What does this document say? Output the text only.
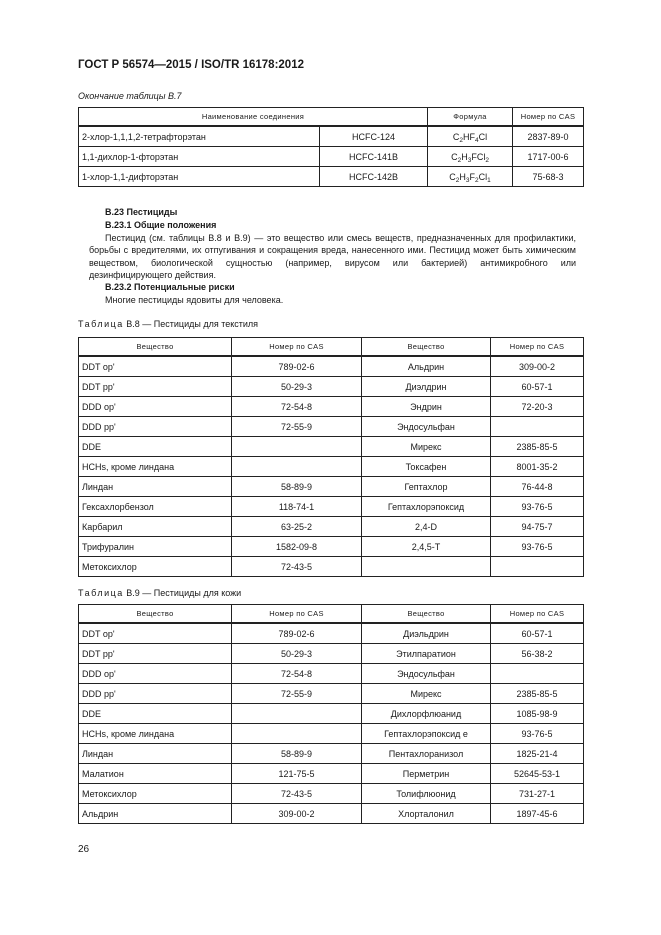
ГОСТ Р 56574—2015 / ISO/TR 16178:2012
Окончание таблицы В.7
Наименование соединения		Формула	Номер по CAS
2-хлор-1,1,1,2-тетрафторэтан	HCFC-124	$C_2HF_4Cl$	2837-89-0
1,1-дихлор-1-фторэтан	HCFC-141B	$C_2H_3FCl_2$	1717-00-6
1-хлор-1,1-дифторэтан	HCFC-142B	$C_2H_3F_2Cl_1$	75-68-3
В.23 Пестициды
В.23.1 Общие положения
Пестицид (см. таблицы В.8 и В.9) — это вещество или смесь веществ, предназначенных для профилактики, борьбы с вредителями, их отпугивания и сокращения вреда, нанесенного ими. Пестицид может быть химическим веществом, биологической сущностью (например, вирусом или бактерией) антимикробного или дезинфицирующего действия.
В.23.2 Потенциальные риски
Многие пестициды ядовиты для человека.
Таблица В.8 — Пестициды для текстиля
Вещество	Номер по CAS	Вещество	Номер по CAS
DDT op'	789-02-6	Альдрин	309-00-2
DDT pp'	50-29-3	Диэлдрин	60-57-1
DDD op'	72-54-8	Эндрин	72-20-3
DDD pp'	72-55-9	Эндосульфан	
DDE		Мирекс	2385-85-5
HCHs, кроме линдана		Токсафен	8001-35-2
Линдан	58-89-9	Гептахлор	76-44-8
Гексахлорбензол	118-74-1	Гептахлорэпоксид	93-76-5
Карбарил	63-25-2	2,4-D	94-75-7
Трифуралин	1582-09-8	2,4,5-T	93-76-5
Метоксихлор	72-43-5		
Таблица В.9 — Пестициды для кожи
Вещество	Номер по CAS	Вещество	Номер по CAS
DDT op'	789-02-6	Диэльдрин	60-57-1
DDT pp'	50-29-3	Этилпаратион	56-38-2
DDD op'	72-54-8	Эндосульфан	
DDD pp'	72-55-9	Мирекс	2385-85-5
DDE		Дихлорфлюанид	1085-98-9
HCHs, кроме линдана		Гептахлорэпоксид е	93-76-5
Линдан	58-89-9	Пентахлоранизол	1825-21-4
Малатион	121-75-5	Перметрин	52645-53-1
Метоксихлор	72-43-5	Толифлюонид	731-27-1
Альдрин	309-00-2	Хлорталонил	1897-45-6
26
